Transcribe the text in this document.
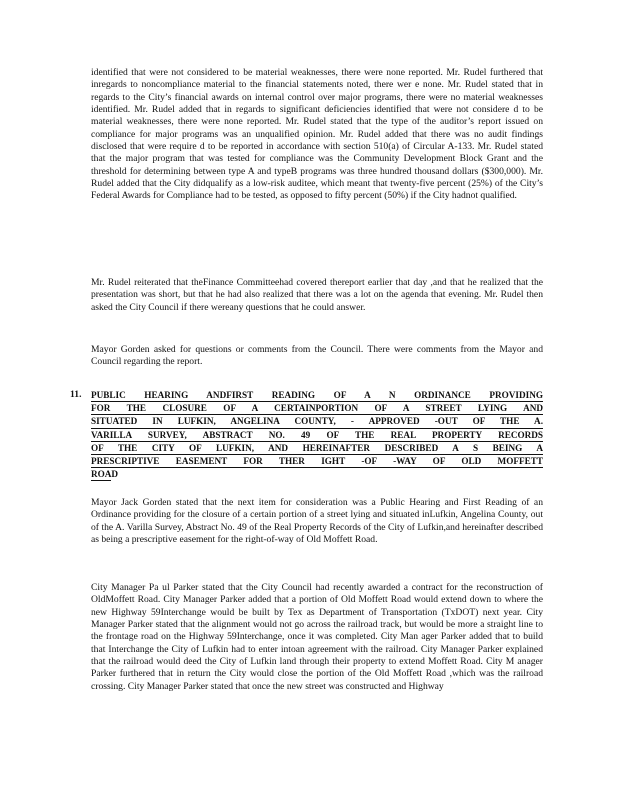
identified that were not considered to be material weaknesses, there were none reported. Mr. Rudel furthered that inregards to noncompliance material to the financial statements noted, there wer e none. Mr. Rudel stated that in regards to the City’s financial awards on internal control over major programs, there were no material weaknesses identified. Mr. Rudel added that in regards to significant deficiencies identified that were not considere d to be material weaknesses, there were none reported. Mr. Rudel stated that the type of the auditor’s report issued on compliance for major programs was an unqualified opinion. Mr. Rudel added that there was no audit findings disclosed that were require d to be reported in accordance with section 510(a) of Circular A-133. Mr. Rudel stated that the major program that was tested for compliance was the Community Development Block Grant and the threshold for determining between type A and typeB programs was three hundred thousand dollars ($300,000). Mr. Rudel added that the City didqualify as a low-risk auditee, which meant that twenty-five percent (25%) of the City’s Federal Awards for Compliance had to be tested, as opposed to fifty percent (50%) if the City hadnot qualified.

Mr. Rudel reiterated that theFinance Committeehad covered thereport earlier that day ,and that he realized that the presentation was short, but that he had also realized that there was a lot on the agenda that evening. Mr. Rudel then asked the City Council if there wereany questions that he could answer.

Mayor Gorden asked for questions or comments from the Council. There were comments from the Mayor and Council regarding the report.

11. PUBLIC HEARING ANDFIRST READING OF A N ORDINANCE PROVIDING
FOR THE CLOSURE OF A CERTAINPORTION OF A STREET LYING AND
SITUATED IN LUFKIN, ANGELINA COUNTY, - APPROVED -OUT OF THE A.
VARILLA SURVEY, ABSTRACT NO. 49 OF THE REAL PROPERTY RECORDS
OF THE CITY OF LUFKIN, AND HEREINAFTER DESCRIBED A S BEING A
PRESCRIPTIVE EASEMENT FOR THER IGHT -OF -WAY OF OLD MOFFETT
ROAD

Mayor Jack Gorden stated that the next item for consideration was a Public Hearing and First Reading of an Ordinance providing for the closure of a certain portion of a street lying and situated inLufkin, Angelina County, out of the A. Varilla Survey, Abstract No. 49 of the Real Property Records of the City of Lufkin,and hereinafter described as being a prescriptive easement for the right-of-way of Old Moffett Road.

City Manager Pa ul Parker stated that the City Council had recently awarded a contract for the reconstruction of OldMoffett Road. City Manager Parker added that a portion of Old Moffett Road would extend down to where the new Highway 59Interchange would be built by Tex as Department of Transportation (TxDOT) next year. City Manager Parker stated that the alignment would not go across the railroad track, but would be more a straight line to the frontage road on the Highway 59Interchange, once it was completed. City Man ager Parker added that to build that Interchange the City of Lufkin had to enter intoan agreement with the railroad. City Manager Parker explained that the railroad would deed the City of Lufkin land through their property to extend Moffett Road. City M anager Parker furthered that in return the City would close the portion of the Old Moffett Road ,which was the railroad crossing. City Manager Parker stated that once the new street was constructed and Highway
